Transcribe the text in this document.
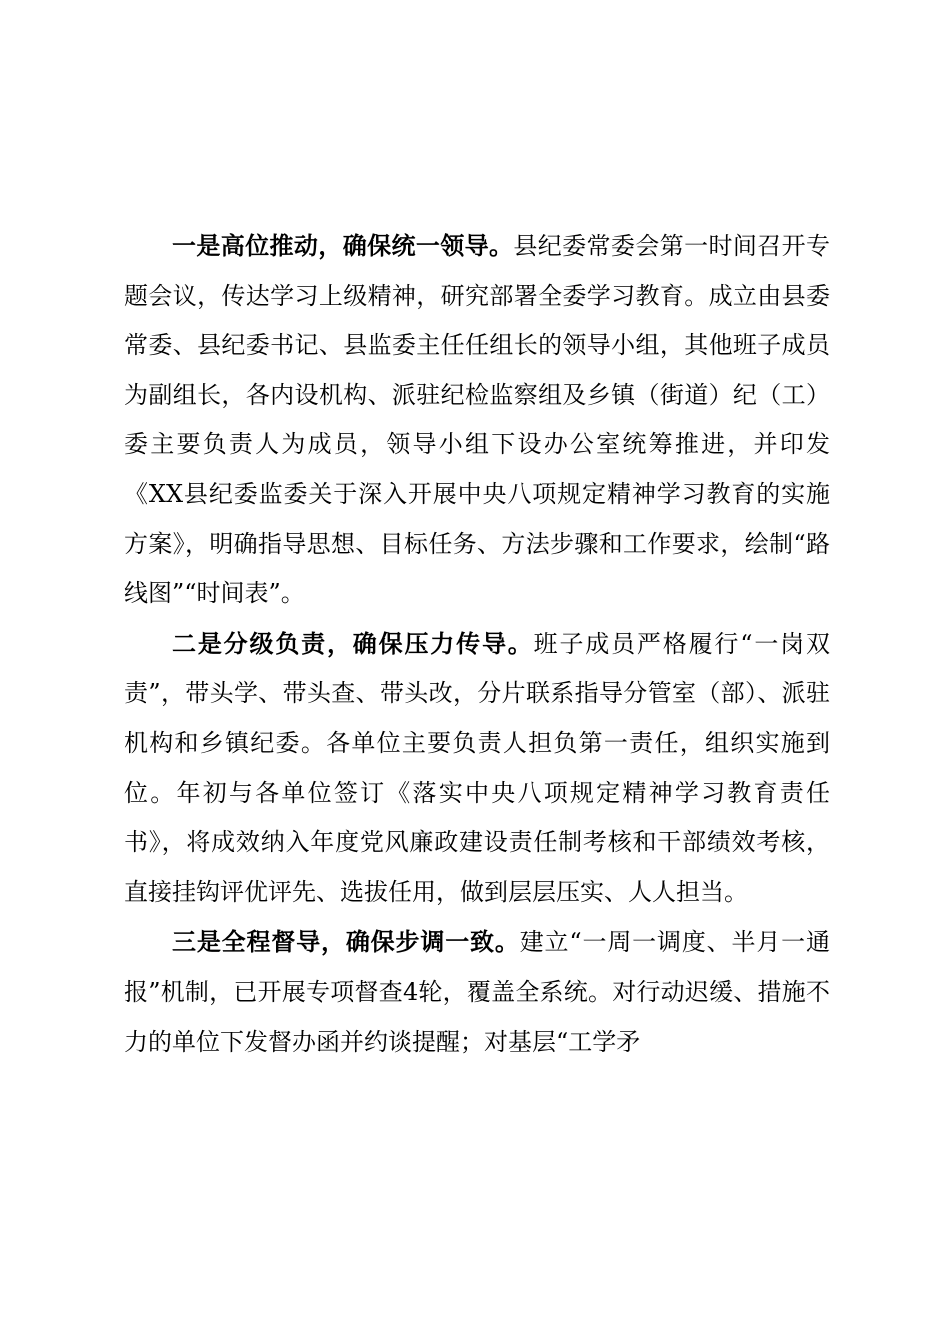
一是高位推动，确保统一领导。县纪委常委会第一时间召开专题会议，传达学习上级精神，研究部署全委学习教育。成立由县委常委、县纪委书记、县监委主任任组长的领导小组，其他班子成员为副组长，各内设机构、派驻纪检监察组及乡镇（街道）纪（工）委主要负责人为成员，领导小组下设办公室统筹推进，并印发《XX县纪委监委关于深入开展中央八项规定精神学习教育的实施方案》，明确指导思想、目标任务、方法步骤和工作要求，绘制“路线图”“时间表”。

二是分级负责，确保压力传导。班子成员严格履行“一岗双责”，带头学、带头查、带头改，分片联系指导分管室（部）、派驻机构和乡镇纪委。各单位主要负责人担负第一责任，组织实施到位。年初与各单位签订《落实中央八项规定精神学习教育责任书》，将成效纳入年度党风廉政建设责任制考核和干部绩效考核，直接挂钩评优评先、选拔任用，做到层层压实、人人担当。

三是全程督导，确保步调一致。建立“一周一调度、半月一通报”机制，已开展专项督查4轮，覆盖全系统。对行动迟缓、措施不力的单位下发督办函并约谈提醒；对基层“工学矛
